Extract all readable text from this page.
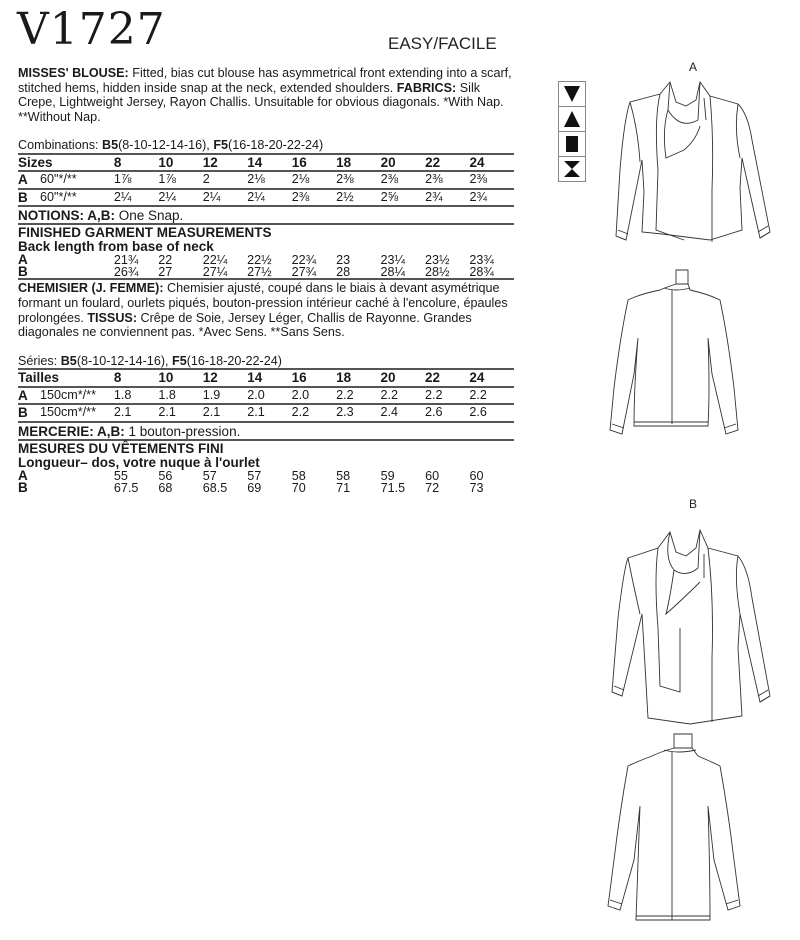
V1727	EASY/FACILE

MISSES' BLOUSE: Fitted, bias cut blouse has asymmetrical front extending into a scarf, stitched hems, hidden inside snap at the neck, extended shoulders. FABRICS: Silk Crepe, Lightweight Jersey, Rayon Challis. Unsuitable for obvious diagonals. *With Nap. **Without Nap.

Combinations: B5(8-10-12-14-16), F5(16-18-20-22-24)
Sizes		8	10	12	14	16	18	20	22	24
A	60"*/**	1⅞	1⅞	2	2⅛	2⅛	2⅜	2⅜	2⅜	2⅜
B	60"*/**	2¼	2¼	2¼	2¼	2⅜	2½	2⅝	2¾	2¾
NOTIONS: A,B: One Snap.
FINISHED GARMENT MEASUREMENTS
Back length from base of neck
A		21¾	22	22¼	22½	22¾	23	23¼	23½	23¾
B		26¾	27	27¼	27½	27¾	28	28¼	28½	28¾

CHEMISIER (J. FEMME): Chemisier ajusté, coupé dans le biais à devant asymétrique formant un foulard, ourlets piqués, bouton-pression intérieur caché à l'encolure, épaules prolongées. TISSUS: Crêpe de Soie, Jersey Léger, Challis de Rayonne. Grandes diagonales ne conviennent pas. *Avec Sens. **Sans Sens.

Séries: B5(8-10-12-14-16), F5(16-18-20-22-24)
Tailles		8	10	12	14	16	18	20	22	24
A	150cm*/**	1.8	1.8	1.9	2.0	2.0	2.2	2.2	2.2	2.2
B	150cm*/**	2.1	2.1	2.1	2.1	2.2	2.3	2.4	2.6	2.6
MERCERIE: A,B: 1 bouton-pression.
MESURES DU VÊTEMENTS FINI
Longueur– dos, votre nuque à l'ourlet
A		55	56	57	57	58	58	59	60	60
B		67.5	68	68.5	69	70	71	71.5	72	73
A
B
